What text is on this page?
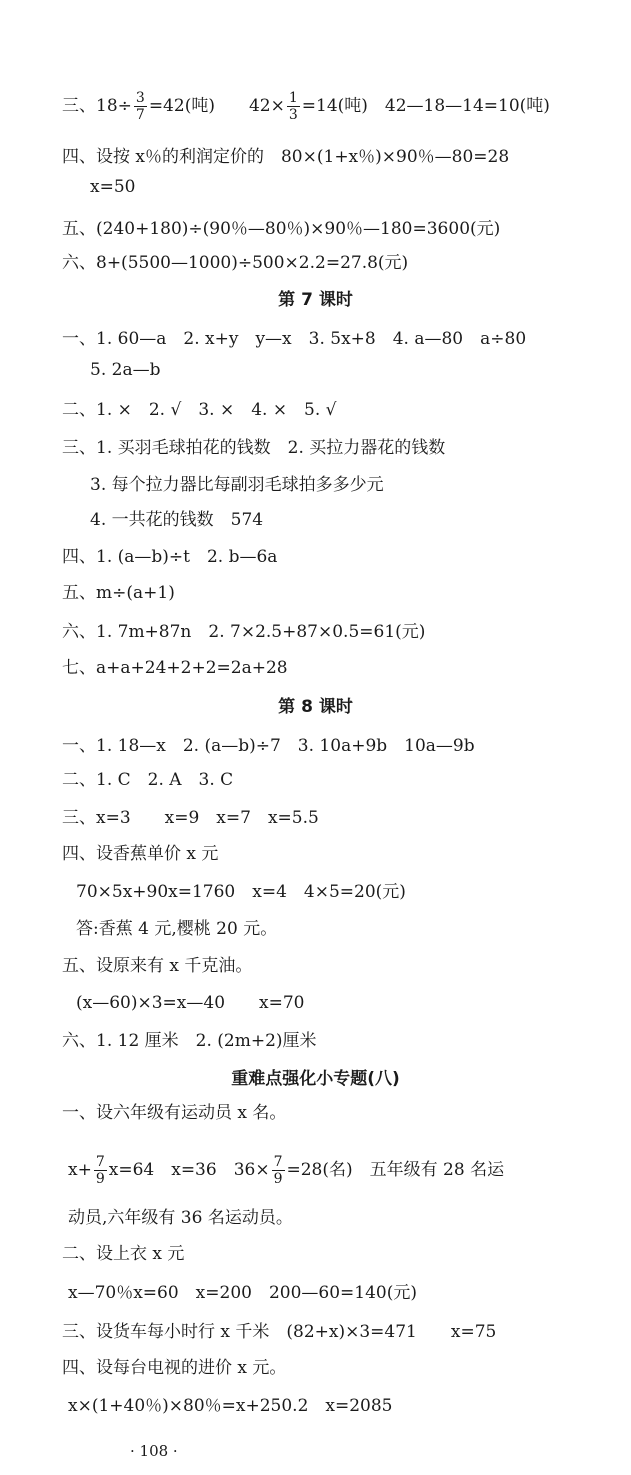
三、$18\div \frac{3}{7} =42$(吨)　　$42\times \frac{1}{3} =14$(吨)　42—18—14=10(吨)
四、设按 x％的利润定价的　80×(1+x％)×90％—80=28
x=50
五、(240+180)÷(90％—80％)×90％—180=3600(元)
六、8+(5500—1000)÷500×2.2=27.8(元)
第 7 课时
一、1. 60—a　2. x+y　y—x　3. 5x+8　4. a—80　a÷80
5. 2a—b
二、1. ×　2. √　3. ×　4. ×　5. √
三、1. 买羽毛球拍花的钱数　2. 买拉力器花的钱数
3. 每个拉力器比每副羽毛球拍多多少元
4. 一共花的钱数　574
四、1. (a—b)÷t　2. b—6a
五、m÷(a+1)
六、1. 7m+87n　2. 7×2.5+87×0.5=61(元)
七、a+a+24+2+2=2a+28
第 8 课时
一、1. 18—x　2. (a—b)÷7　3. 10a+9b　10a—9b
二、1. C　2. A　3. C
三、x=3　　x=9　x=7　x=5.5
四、设香蕉单价 x 元
70×5x+90x=1760　x=4　4×5=20(元)
答:香蕉 4 元,樱桃 20 元。
五、设原来有 x 千克油。
(x—60)×3=x—40　　x=70
六、1. 12 厘米　2. (2m+2)厘米
重难点强化小专题(八)
一、设六年级有运动员 x 名。
$x+ \frac{7}{9} x=64$　x=36　$36\times \frac{7}{9} =28$(名)　五年级有 28 名运
动员,六年级有 36 名运动员。
二、设上衣 x 元
x—70％x=60　x=200　200—60=140(元)
三、设货车每小时行 x 千米　(82+x)×3=471　　x=75
四、设每台电视的进价 x 元。
x×(1+40％)×80％=x+250.2　x=2085
· 108 ·
